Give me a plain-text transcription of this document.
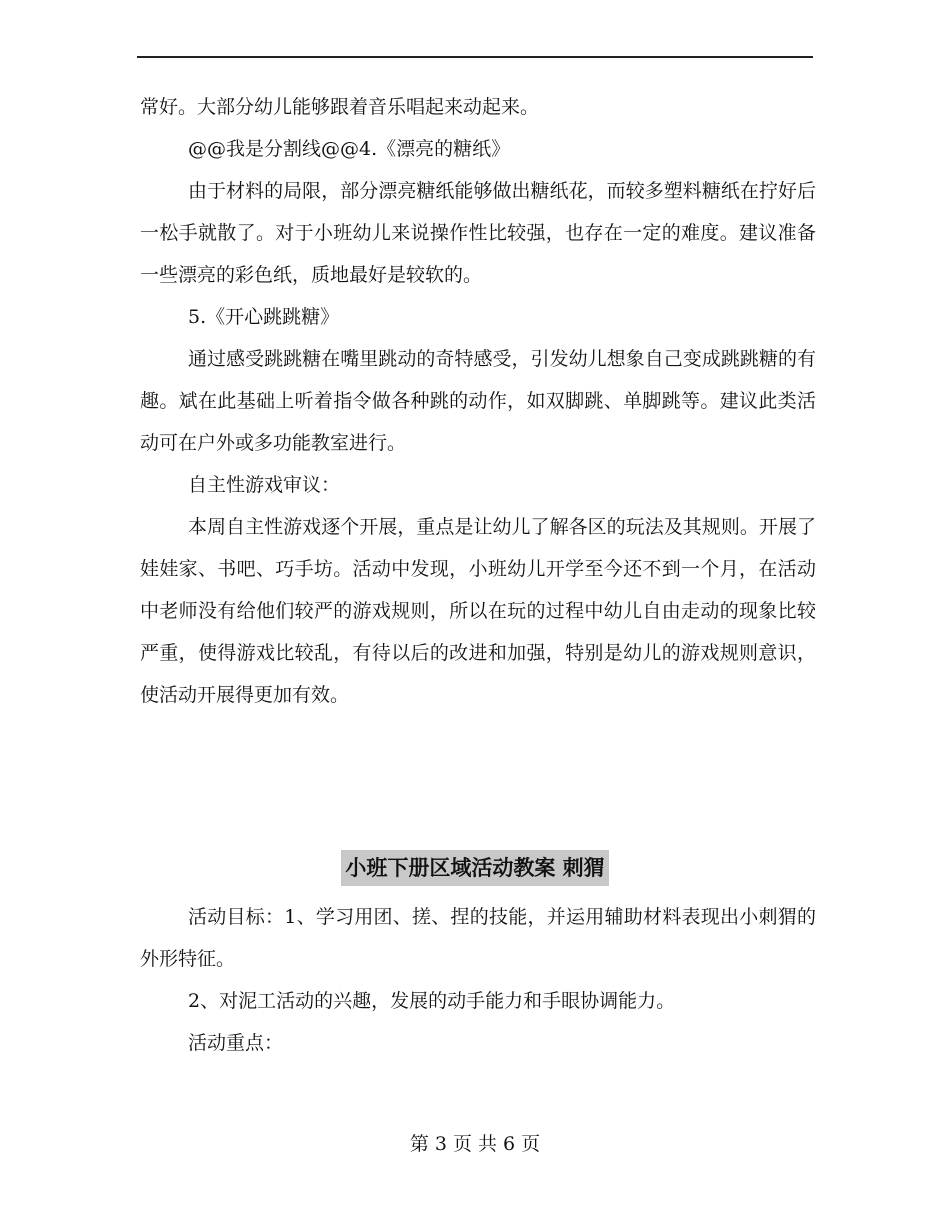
常好。大部分幼儿能够跟着音乐唱起来动起来。

@@我是分割线@@4.《漂亮的糖纸》

由于材料的局限，部分漂亮糖纸能够做出糖纸花，而较多塑料糖纸在拧好后一松手就散了。对于小班幼儿来说操作性比较强，也存在一定的难度。建议准备一些漂亮的彩色纸，质地最好是较软的。

5.《开心跳跳糖》

通过感受跳跳糖在嘴里跳动的奇特感受，引发幼儿想象自己变成跳跳糖的有趣。斌在此基础上听着指令做各种跳的动作，如双脚跳、单脚跳等。建议此类活动可在户外或多功能教室进行。

自主性游戏审议：

本周自主性游戏逐个开展，重点是让幼儿了解各区的玩法及其规则。开展了娃娃家、书吧、巧手坊。活动中发现，小班幼儿开学至今还不到一个月，在活动中老师没有给他们较严的游戏规则，所以在玩的过程中幼儿自由走动的现象比较严重，使得游戏比较乱，有待以后的改进和加强，特别是幼儿的游戏规则意识，使活动开展得更加有效。

小班下册区域活动教案 刺猬

活动目标：1、学习用团、搓、捏的技能，并运用辅助材料表现出小刺猬的外形特征。

2、对泥工活动的兴趣，发展的动手能力和手眼协调能力。

活动重点：

第 3 页 共 6 页
